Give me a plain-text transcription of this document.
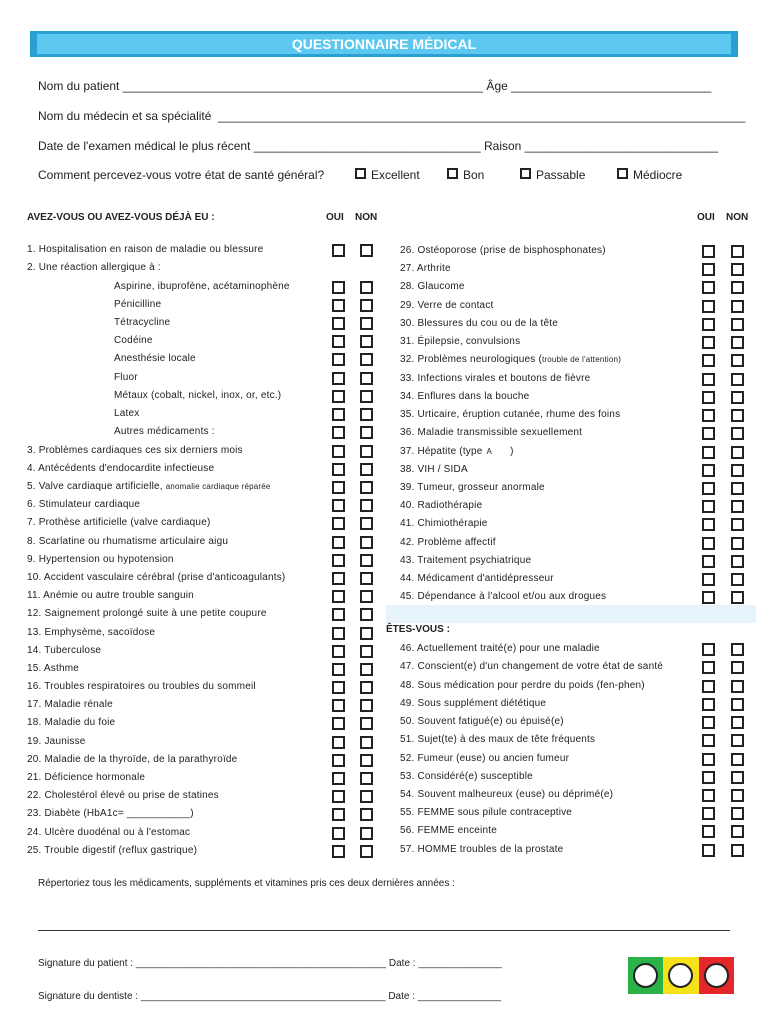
QUESTIONNAIRE MÉDICAL
Nom du patient ______________________________________________________ Âge ______________________________
Nom du médecin et sa spécialité  _______________________________________________________________________________
Date de l'examen médical le plus récent __________________________________ Raison _____________________________
Comment percevez-vous votre état de santé général?	Excellent	Bon	Passable	Médiocre
AVEZ-VOUS OU AVEZ-VOUS DÉJÀ EU :	OUI NON	OUI NON
1. Hospitalisation en raison de maladie ou blessure
2. Une réaction allergique à :
Aspirine, ibuprofène, acétaminophène
Pénicilline
Tétracycline
Codéine
Anesthésie locale
Fluor
Métaux (cobalt, nickel, inox, or, etc.)
Latex
Autres médicaments :
3. Problèmes cardiaques ces six derniers mois
4. Antécédents d'endocardite infectieuse
5. Valve cardiaque artificielle, anomalie cardiaque réparée
6. Stimulateur cardiaque
7. Prothèse artificielle (valve cardiaque)
8. Scarlatine ou rhumatisme articulaire aigu
9. Hypertension ou hypotension
10. Accident vasculaire cérébral (prise d'anticoagulants)
11. Anémie ou autre trouble sanguin
12. Saignement prolongé suite à une petite coupure
13. Emphysème, sacoïdose
14. Tuberculose
15. Asthme
16. Troubles respiratoires ou troubles du sommeil
17. Maladie rénale
18. Maladie du foie
19. Jaunisse
20. Maladie de la thyroïde, de la parathyroïde
21. Déficience hormonale
22. Cholestérol élevé ou prise de statines
23. Diabète (HbA1c= ___________)
24. Ulcère duodénal ou à l'estomac
25. Trouble digestif (reflux gastrique)
26. Ostéoporose (prise de bisphosphonates)
27. Arthrite
28. Glaucome
29. Verre de contact
30. Blessures du cou ou de la tête
31. Épilepsie, convulsions
32. Problèmes neurologiques (trouble de l'attention)
33. Infections virales et boutons de fièvre
34. Enflures dans la bouche
35. Urticaire, éruption cutanée, rhume des foins
36. Maladie transmissible sexuellement
37. Hépatite (type A )
38. VIH / SIDA
39. Tumeur, grosseur anormale
40. Radiothérapie
41. Chimiothérapie
42. Problème affectif
43. Traitement psychiatrique
44. Médicament d'antidépresseur
45. Dépendance à l'alcool et/ou aux drogues
ÊTES-VOUS :
46. Actuellement traité(e) pour une maladie
47. Conscient(e) d'un changement de votre état de santé
48. Sous médication pour perdre du poids (fen-phen)
49. Sous supplément diététique
50. Souvent fatigué(e) ou épuisé(e)
51. Sujet(te) à des maux de tête fréquents
52. Fumeur (euse) ou ancien fumeur
53. Considéré(e) susceptible
54. Souvent malheureux (euse) ou déprimé(e)
55. FEMME sous pilule contraceptive
56. FEMME enceinte
57. HOMME troubles de la prostate
Répertoriez tous les médicaments, suppléments et vitamines pris ces deux dernières années :
Signature du patient : _____________________________________________ Date : _______________
Signature du dentiste : ____________________________________________ Date : _______________
